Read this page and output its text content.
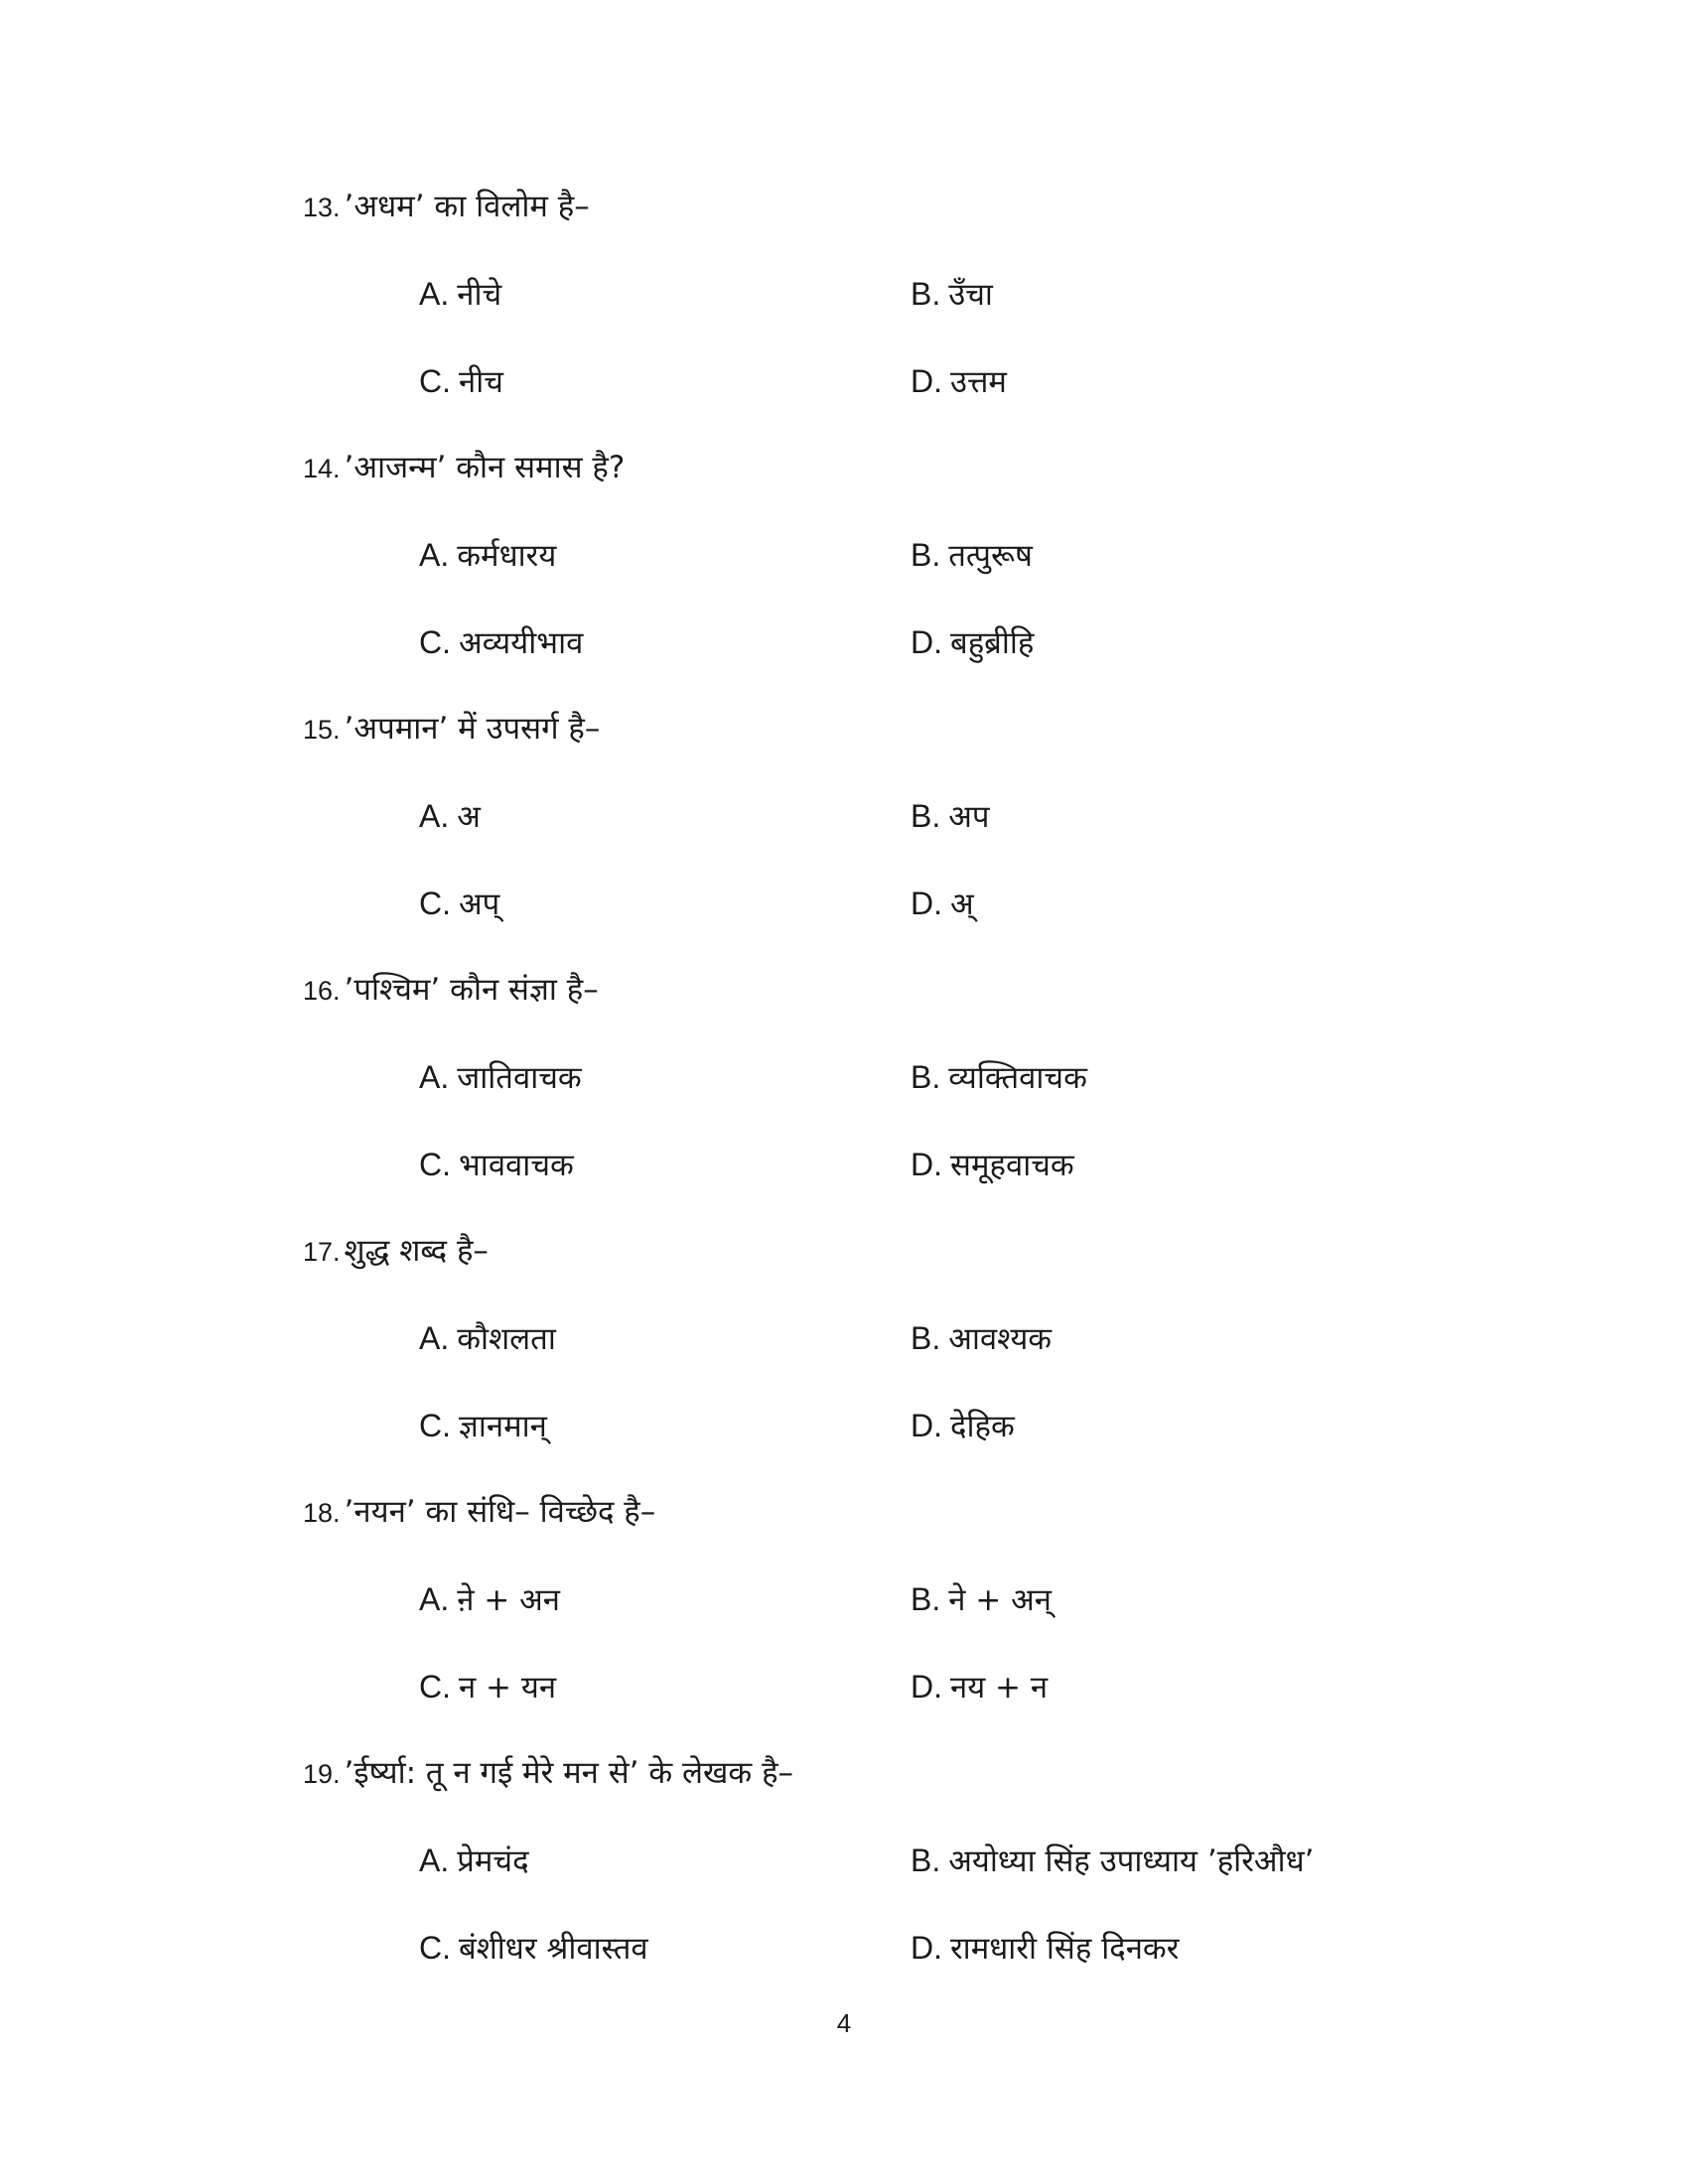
13. ’अधम’ का विलोम है–
A. नीचे	B. उँचा
C. नीच	D. उत्तम
14. ’आजन्म’ कौन समास है?
A. कर्मधारय	B. तत्पुरूष
C. अव्ययीभाव	D. बहुब्रीहि
15. ’अपमान’ में उपसर्ग है–
A. अ	B. अप
C. अप्	D. अ्
16. ’पश्चिम’ कौन संज्ञा है–
A. जातिवाचक	B. व्यक्तिवाचक
C. भाववाचक	D. समूहवाचक
17. शुद्ध शब्द है–
A. कौशलता	B. आवश्यक
C. ज्ञानमान्	D. देहिक
18. ’नयन’ का संधि– विच्छेद है–
A. ने़ + अन	B. ने + अन्
C. न + यन	D. नय + न
19. ’ईर्ष्या: तू न गई मेरे मन से’ के लेखक है–
A. प्रेमचंद	B. अयोध्या सिंह उपाध्याय ’हरिऔध’
C. बंशीधर श्रीवास्तव	D. रामधारी सिंह दिनकर
4
